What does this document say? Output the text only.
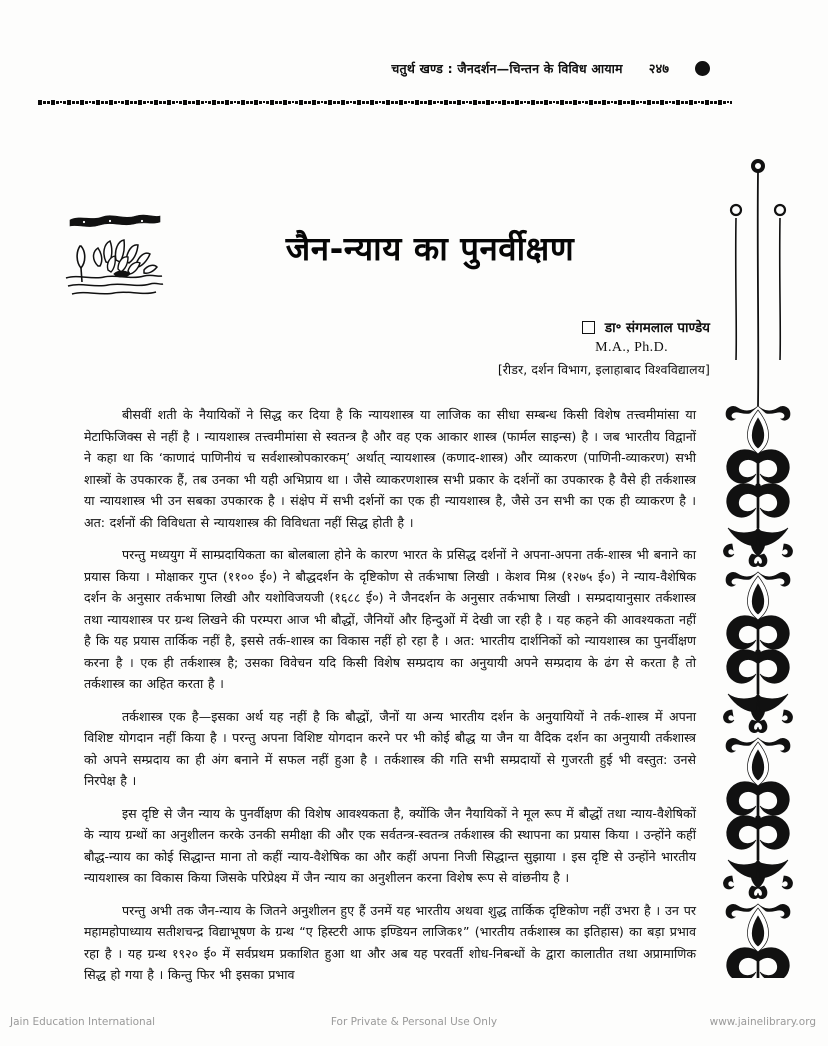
चतुर्थ खण्ड : जैनदर्शन—चिन्तन के विविध आयाम २४७
जैन-न्याय का पुनर्वीक्षण
डा॰ संगमलाल पाण्डेय
M.A., Ph.D.
[रीडर, दर्शन विभाग, इलाहाबाद विश्वविद्यालय]

बीसवीं शती के नैयायिकों ने सिद्ध कर दिया है कि न्यायशास्त्र या लाजिक का सीधा सम्बन्ध किसी विशेष तत्त्वमीमांसा या मेटाफिजिक्स से नहीं है । न्यायशास्त्र तत्त्वमीमांसा से स्वतन्त्र है और वह एक आकार शास्त्र (फार्मल साइन्स) है । जब भारतीय विद्वानों ने कहा था कि ‘काणादं पाणिनीयं च सर्वशास्त्रोपकारकम्’ अर्थात् न्यायशास्त्र (कणाद-शास्त्र) और व्याकरण (पाणिनी-व्याकरण) सभी शास्त्रों के उपकारक हैं, तब उनका भी यही अभिप्राय था । जैसे व्याकरणशास्त्र सभी प्रकार के दर्शनों का उपकारक है वैसे ही तर्कशास्त्र या न्यायशास्त्र भी उन सबका उपकारक है । संक्षेप में सभी दर्शनों का एक ही न्यायशास्त्र है, जैसे उन सभी का एक ही व्याकरण है । अत: दर्शनों की विविधता से न्यायशास्त्र की विविधता नहीं सिद्ध होती है ।

परन्तु मध्ययुग में साम्प्रदायिकता का बोलबाला होने के कारण भारत के प्रसिद्ध दर्शनों ने अपना-अपना तर्क-शास्त्र भी बनाने का प्रयास किया । मोक्षाकर गुप्त (११०० ई०) ने बौद्धदर्शन के दृष्टिकोण से तर्कभाषा लिखी । केशव मिश्र (१२७५ ई०) ने न्याय-वैशेषिक दर्शन के अनुसार तर्कभाषा लिखी और यशोविजयजी (१६८८ ई०) ने जैनदर्शन के अनुसार तर्कभाषा लिखी । सम्प्रदायानुसार तर्कशास्त्र तथा न्यायशास्त्र पर ग्रन्थ लिखने की परम्परा आज भी बौद्धों, जैनियों और हिन्दुओं में देखी जा रही है । यह कहने की आवश्यकता नहीं है कि यह प्रयास तार्किक नहीं है, इससे तर्क-शास्त्र का विकास नहीं हो रहा है । अत: भारतीय दार्शनिकों को न्यायशास्त्र का पुनर्वीक्षण करना है । एक ही तर्कशास्त्र है; उसका विवेचन यदि किसी विशेष सम्प्रदाय का अनुयायी अपने सम्प्रदाय के ढंग से करता है तो तर्कशास्त्र का अहित करता है ।

तर्कशास्त्र एक है—इसका अर्थ यह नहीं है कि बौद्धों, जैनों या अन्य भारतीय दर्शन के अनुयायियों ने तर्क-शास्त्र में अपना विशिष्ट योगदान नहीं किया है । परन्तु अपना विशिष्ट योगदान करने पर भी कोई बौद्ध या जैन या वैदिक दर्शन का अनुयायी तर्कशास्त्र को अपने सम्प्रदाय का ही अंग बनाने में सफल नहीं हुआ है । तर्कशास्त्र की गति सभी सम्प्रदायों से गुजरती हुई भी वस्तुत: उनसे निरपेक्ष है ।

इस दृष्टि से जैन न्याय के पुनर्वीक्षण की विशेष आवश्यकता है, क्योंकि जैन नैयायिकों ने मूल रूप में बौद्धों तथा न्याय-वैशेषिकों के न्याय ग्रन्थों का अनुशीलन करके उनकी समीक्षा की और एक सर्वतन्त्र-स्वतन्त्र तर्कशास्त्र की स्थापना का प्रयास किया । उन्होंने कहीं बौद्ध-न्याय का कोई सिद्धान्त माना तो कहीं न्याय-वैशेषिक का और कहीं अपना निजी सिद्धान्त सुझाया । इस दृष्टि से उन्होंने भारतीय न्यायशास्त्र का विकास किया जिसके परिप्रेक्ष्य में जैन न्याय का अनुशीलन करना विशेष रूप से वांछनीय है ।

परन्तु अभी तक जैन-न्याय के जितने अनुशीलन हुए हैं उनमें यह भारतीय अथवा शुद्ध तार्किक दृष्टिकोण नहीं उभरा है । उन पर महामहोपाध्याय सतीशचन्द्र विद्याभूषण के ग्रन्थ “ए हिस्टरी आफ इण्डियन लाजिक१” (भारतीय तर्कशास्त्र का इतिहास) का बड़ा प्रभाव रहा है । यह ग्रन्थ १९२० ई० में सर्वप्रथम प्रकाशित हुआ था और अब यह परवर्ती शोध-निबन्धों के द्वारा कालातीत तथा अप्रामाणिक सिद्ध हो गया है । किन्तु फिर भी इसका प्रभाव

Jain Education International	For Private & Personal Use Only	www.jainelibrary.org
